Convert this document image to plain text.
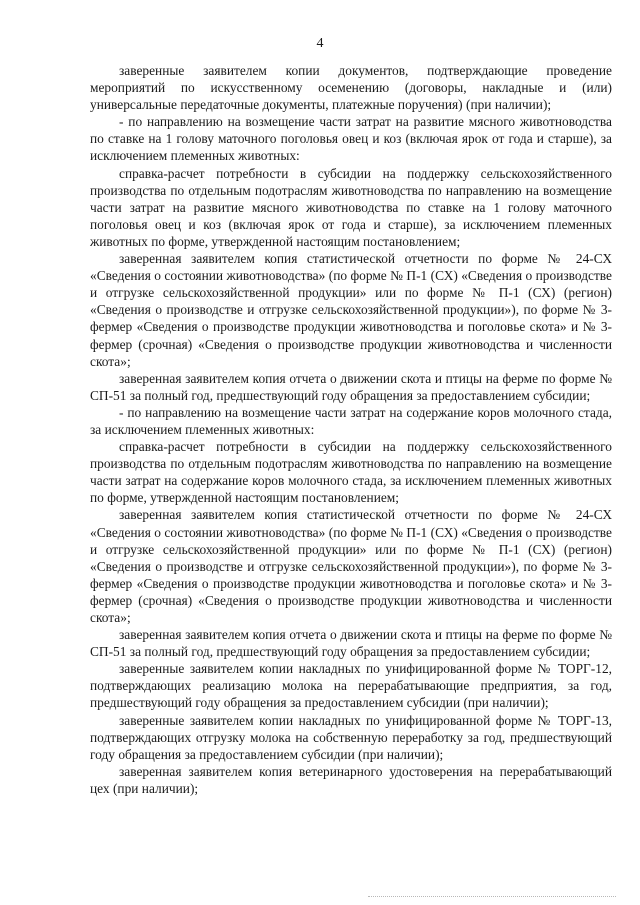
4

заверенные заявителем копии документов, подтверждающие проведение мероприятий по искусственному осеменению (договоры, накладные и (или) универсальные передаточные документы, платежные поручения) (при наличии);

- по направлению на возмещение части затрат на развитие мясного животноводства по ставке на 1 голову маточного поголовья овец и коз (включая ярок от года и старше), за исключением племенных животных:

справка-расчет потребности в субсидии на поддержку сельскохозяйственного производства по отдельным подотраслям животноводства по направлению на возмещение части затрат на развитие мясного животноводства по ставке на 1 голову маточного поголовья овец и коз (включая ярок от года и старше), за исключением племенных животных по форме, утвержденной настоящим постановлением;

заверенная заявителем копия статистической отчетности по форме № 24-СХ «Сведения о состоянии животноводства» (по форме № П-1 (СХ) «Сведения о производстве и отгрузке сельскохозяйственной продукции» или по форме № П-1 (СХ) (регион) «Сведения о производстве и отгрузке сельскохозяйственной продукции»), по форме № 3-фермер «Сведения о производстве продукции животноводства и поголовье скота» и № 3-фермер (срочная) «Сведения о производстве продукции животноводства и численности скота»;

заверенная заявителем копия отчета о движении скота и птицы на ферме по форме № СП-51 за полный год, предшествующий году обращения за предоставлением субсидии;

- по направлению на возмещение части затрат на содержание коров молочного стада, за исключением племенных животных:

справка-расчет потребности в субсидии на поддержку сельскохозяйственного производства по отдельным подотраслям животноводства по направлению на возмещение части затрат на содержание коров молочного стада, за исключением племенных животных по форме, утвержденной настоящим постановлением;

заверенная заявителем копия статистической отчетности по форме № 24-СХ «Сведения о состоянии животноводства» (по форме № П-1 (СХ) «Сведения о производстве и отгрузке сельскохозяйственной продукции» или по форме № П-1 (СХ) (регион) «Сведения о производстве и отгрузке сельскохозяйственной продукции»), по форме № 3-фермер «Сведения о производстве продукции животноводства и поголовье скота» и № 3-фермер (срочная) «Сведения о производстве продукции животноводства и численности скота»;

заверенная заявителем копия отчета о движении скота и птицы на ферме по форме № СП-51 за полный год, предшествующий году обращения за предоставлением субсидии;

заверенные заявителем копии накладных по унифицированной форме № ТОРГ-12, подтверждающих реализацию молока на перерабатывающие предприятия, за год, предшествующий году обращения за предоставлением субсидии (при наличии);

заверенные заявителем копии накладных по унифицированной форме № ТОРГ-13, подтверждающих отгрузку молока на собственную переработку за год, предшествующий году обращения за предоставлением субсидии (при наличии);

заверенная заявителем копия ветеринарного удостоверения на перерабатывающий цех (при наличии);
